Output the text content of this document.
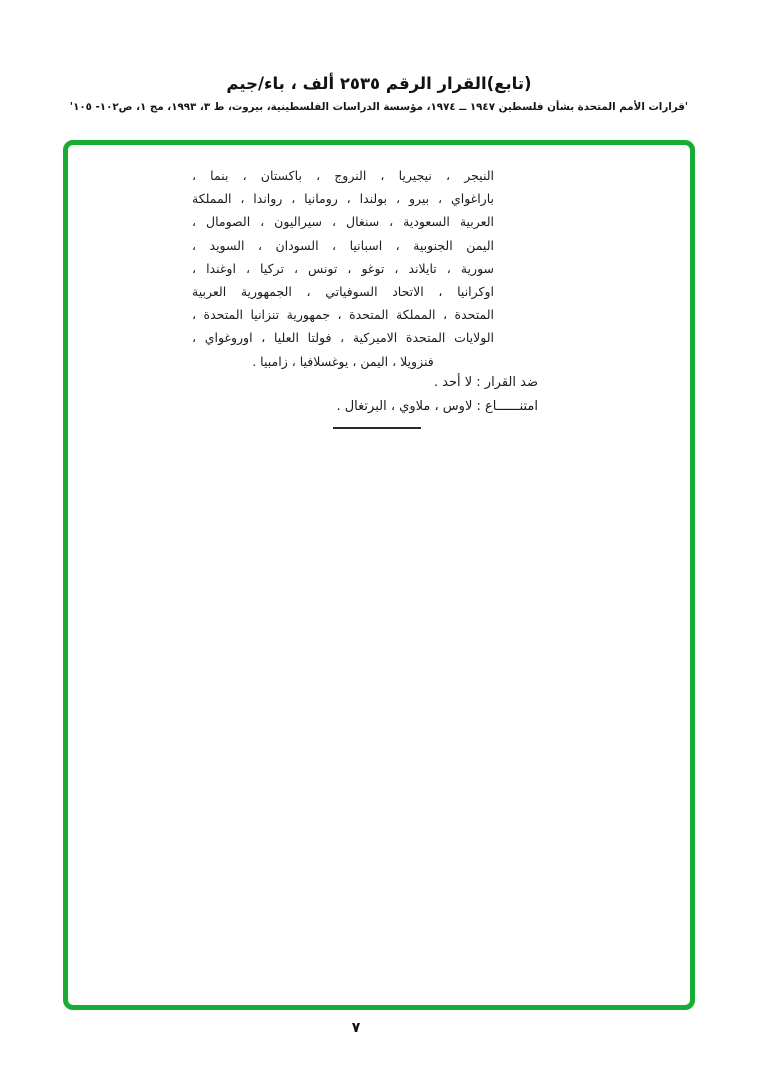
(تابع)القرار الرقم ٢٥٣٥ ألف ، باء/جيم
'قرارات الأمم المتحدة بشأن فلسطين ١٩٤٧ ــ ١٩٧٤، مؤسسة الدراسات الفلسطينية، بيروت، ط ٣، ١٩٩٣، مج ١، ص١٠٢- ١٠٥'
النيجر ، نيجيريا ، النروج ، باكستان ، بنما ،
باراغواي ، بيرو ، بولندا ، رومانيا ، رواندا ، المملكة
العربية السعودية ، سنغال ، سيراليون ، الصومال ،
اليمن الجنوبية ، اسبانيا ، السودان ، السويد ،
سورية ، تايلاند ، توغو ، تونس ، تركيا ، اوغندا ،
اوكرانيا ، الاتحاد السوفياتي ، الجمهورية العربية
المتحدة ، المملكة المتحدة ، جمهورية تنزانيا المتحدة ،
الولايات المتحدة الاميركية ، فولتا العليا ، اوروغواي ،
فنزويلا ، اليمن ، يوغسلافيا ، زامبيا .
ضد القرار : لا أحد .
امتنــــــاع : لاوس ، ملاوي ، البرتغال .
٧
